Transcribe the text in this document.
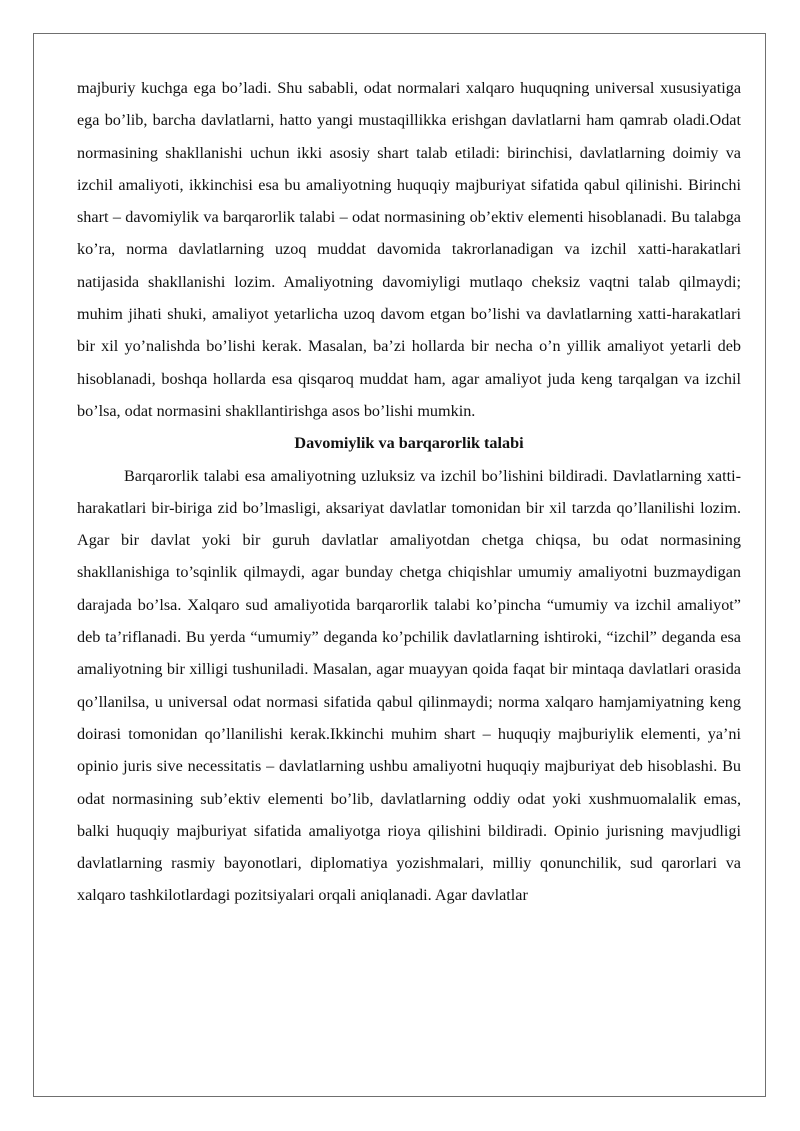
majburiy kuchga ega bo’ladi. Shu sababli, odat normalari xalqaro huquqning universal xususiyatiga ega bo’lib, barcha davlatlarni, hatto yangi mustaqillikka erishgan davlatlarni ham qamrab oladi.Odat normasining shakllanishi uchun ikki asosiy shart talab etiladi: birinchisi, davlatlarning doimiy va izchil amaliyoti, ikkinchisi esa bu amaliyotning huquqiy majburiyat sifatida qabul qilinishi. Birinchi shart – davomiylik va barqarorlik talabi – odat normasining ob’ektiv elementi hisoblanadi. Bu talabga ko’ra, norma davlatlarning uzoq muddat davomida takrorlanadigan va izchil xatti-harakatlari natijasida shakllanishi lozim. Amaliyotning davomiyligi mutlaqo cheksiz vaqtni talab qilmaydi; muhim jihati shuki, amaliyot yetarlicha uzoq davom etgan bo’lishi va davlatlarning xatti-harakatlari bir xil yo’nalishda bo’lishi kerak. Masalan, ba’zi hollarda bir necha o’n yillik amaliyot yetarli deb hisoblanadi, boshqa hollarda esa qisqaroq muddat ham, agar amaliyot juda keng tarqalgan va izchil bo’lsa, odat normasini shakllantirishga asos bo’lishi mumkin.

Davomiylik va barqarorlik talabi

Barqarorlik talabi esa amaliyotning uzluksiz va izchil bo’lishini bildiradi. Davlatlarning xatti-harakatlari bir-biriga zid bo’lmasligi, aksariyat davlatlar tomonidan bir xil tarzda qo’llanilishi lozim. Agar bir davlat yoki bir guruh davlatlar amaliyotdan chetga chiqsa, bu odat normasining shakllanishiga to’sqinlik qilmaydi, agar bunday chetga chiqishlar umumiy amaliyotni buzmaydigan darajada bo’lsa. Xalqaro sud amaliyotida barqarorlik talabi ko’pincha “umumiy va izchil amaliyot” deb ta’riflanadi. Bu yerda “umumiy” deganda ko’pchilik davlatlarning ishtiroki, “izchil” deganda esa amaliyotning bir xilligi tushuniladi. Masalan, agar muayyan qoida faqat bir mintaqa davlatlari orasida qo’llanilsa, u universal odat normasi sifatida qabul qilinmaydi; norma xalqaro hamjamiyatning keng doirasi tomonidan qo’llanilishi kerak.Ikkinchi muhim shart – huquqiy majburiylik elementi, ya’ni opinio juris sive necessitatis – davlatlarning ushbu amaliyotni huquqiy majburiyat deb hisoblashi. Bu odat normasining sub’ektiv elementi bo’lib, davlatlarning oddiy odat yoki xushmuomalalik emas, balki huquqiy majburiyat sifatida amaliyotga rioya qilishini bildiradi. Opinio jurisning mavjudligi davlatlarning rasmiy bayonotlari, diplomatiya yozishmalari, milliy qonunchilik, sud qarorlari va xalqaro tashkilotlardagi pozitsiyalari orqali aniqlanadi. Agar davlatlar
